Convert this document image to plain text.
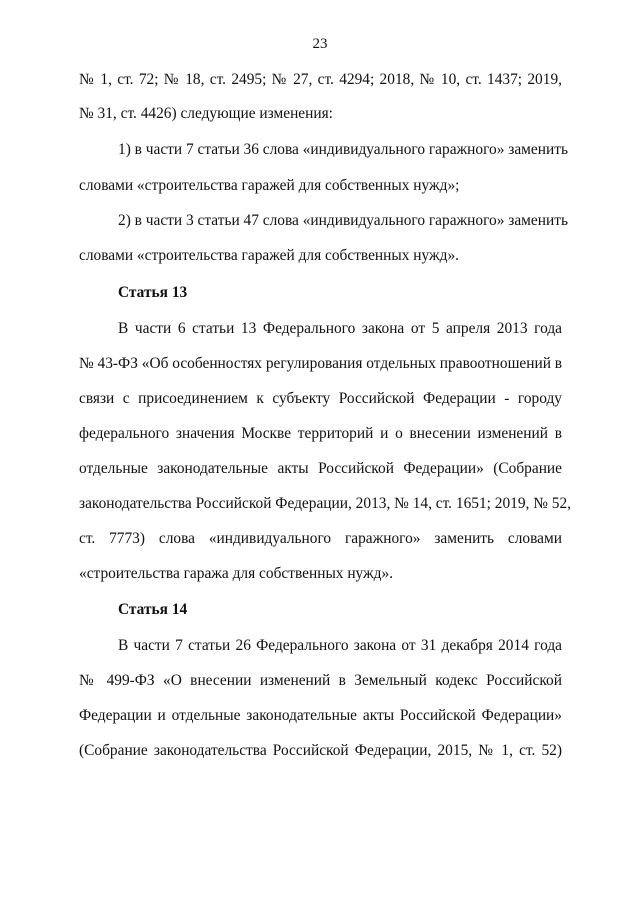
23
№ 1, ст. 72; № 18, ст. 2495; № 27, ст. 4294; 2018, № 10, ст. 1437; 2019,
№ 31, ст. 4426) следующие изменения:
1) в части 7 статьи 36 слова «индивидуального гаражного» заменить
словами «строительства гаражей для собственных нужд»;
2) в части 3 статьи 47 слова «индивидуального гаражного» заменить
словами «строительства гаражей для собственных нужд».
Статья 13
В части 6 статьи 13 Федерального закона от 5 апреля 2013 года
№ 43-ФЗ «Об особенностях регулирования отдельных правоотношений в
связи с присоединением к субъекту Российской Федерации - городу
федерального значения Москве территорий и о внесении изменений в
отдельные законодательные акты Российской Федерации» (Собрание
законодательства Российской Федерации, 2013, № 14, ст. 1651; 2019, № 52,
ст. 7773) слова «индивидуального гаражного» заменить словами
«строительства гаража для собственных нужд».
Статья 14
В части 7 статьи 26 Федерального закона от 31 декабря 2014 года
№ 499-ФЗ «О внесении изменений в Земельный кодекс Российской
Федерации и отдельные законодательные акты Российской Федерации»
(Собрание законодательства Российской Федерации, 2015, № 1, ст. 52)
